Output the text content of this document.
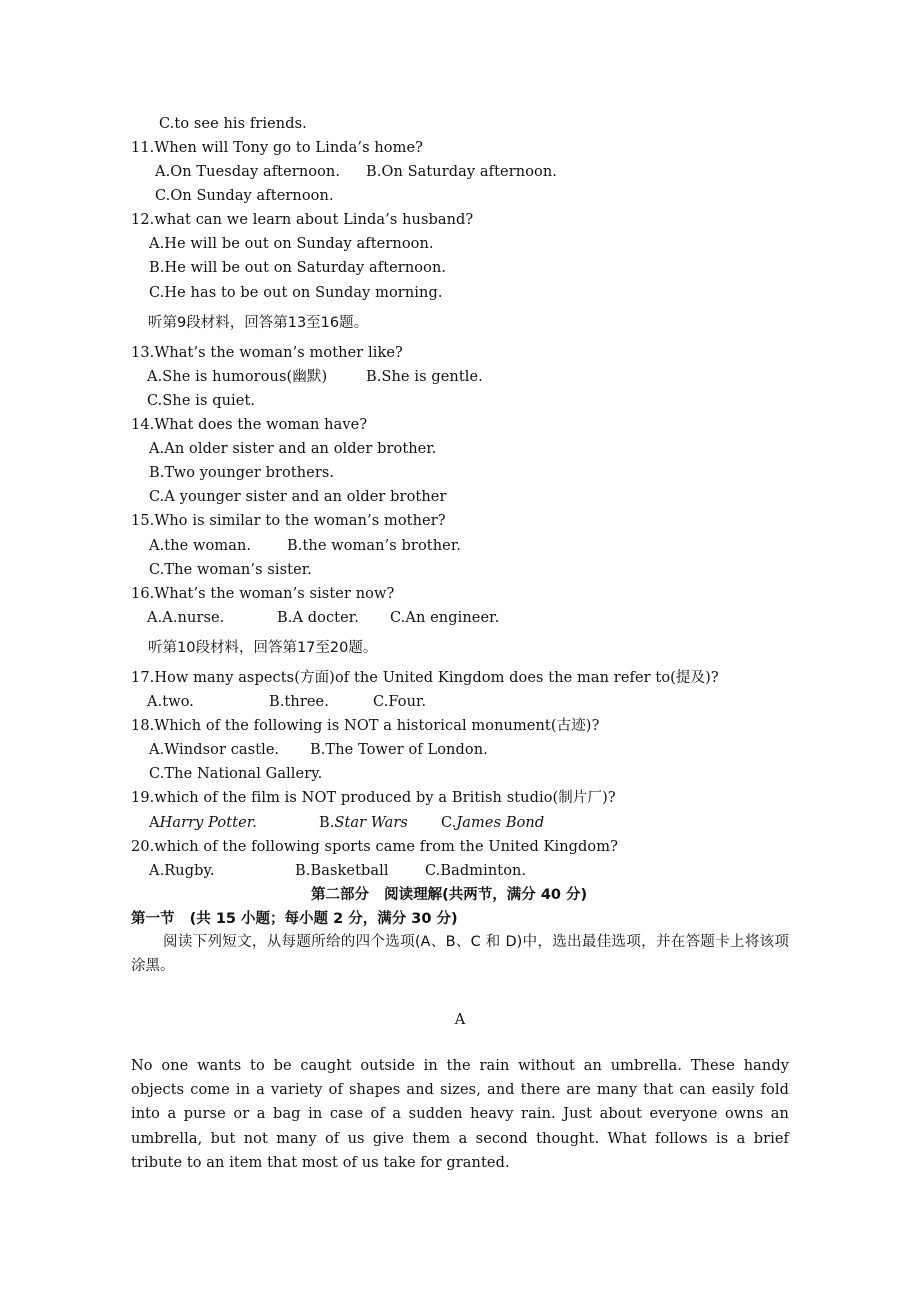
C.to see his friends.
11.When will Tony go to Linda’s home?
A.On Tuesday afternoon. B.On Saturday afternoon.
C.On Sunday afternoon.
12.what can we learn about Linda’s husband?
A.He will be out on Sunday afternoon.
B.He will be out on Saturday afternoon.
C.He has to be out on Sunday morning.
听第9段材料，回答第13至16题。
13.What’s the woman’s mother like?
A.She is humorous(幽默)	B.She is gentle.
C.She is quiet.
14.What does the woman have?
A.An older sister and an older brother.
B.Two younger brothers.
C.A younger sister and an older brother
15.Who is similar to the woman’s mother?
A.the woman. B.the woman’s brother.
C.The woman’s sister.
16.What’s the woman’s sister now?
A.A.nurse.	B.A docter. C.An engineer.
听第10段材料，回答第17至20题。
17.How many aspects(方面)of the United Kingdom does the man refer to(提及)?
A.two.	B.three.	C.Four.
18.Which of the following is NOT a historical monument(古迹)?
A.Windsor castle. B.The Tower of London.
C.The National Gallery.
19.which of the film is NOT produced by a British studio(制片厂)?
AHarry Potter.	B.Star Wars C.James Bond
20.which of the following sports came from the United Kingdom?
A.Rugby.	B.Basketball	C.Badminton.
第二部分   阅读理解(共两节，满分 40 分)
第一节   (共 15 小题；每小题 2 分，满分 30 分)
阅读下列短文，从每题所给的四个选项(A、B、C 和 D)中，选出最佳选项，并在答题卡上将该项涂黑。
A
No one wants to be caught outside in the rain without an umbrella. These handy objects come in a variety of shapes and sizes, and there are many that can easily fold into a purse or a bag in case of a sudden heavy rain. Just about everyone owns an umbrella, but not many of us give them a second thought. What follows is a brief tribute to an item that most of us take for granted.
